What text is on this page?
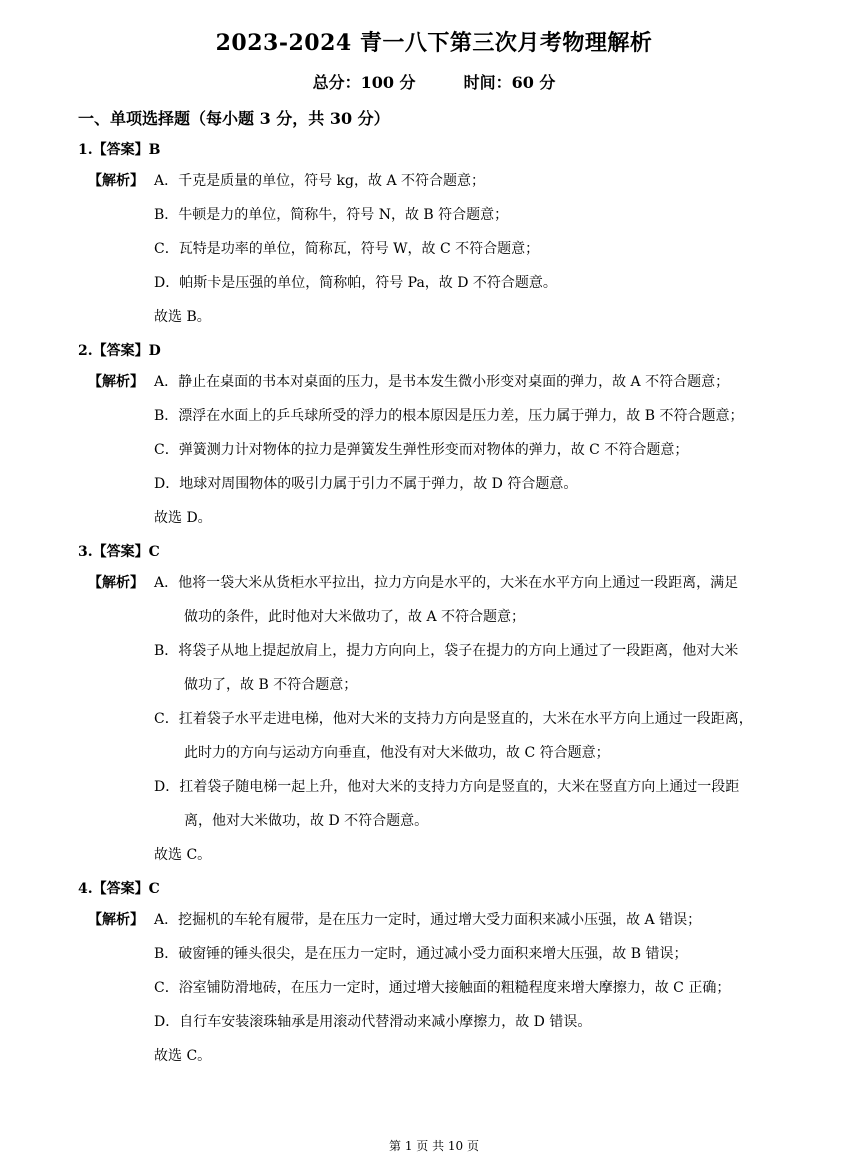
2023-2024 青一八下第三次月考物理解析
总分：100 分	时间：60 分
一、单项选择题（每小题 3 分，共 30 分）
1.【答案】B
【解析】 A．千克是质量的单位，符号 kg，故 A 不符合题意；
B．牛顿是力的单位，简称牛，符号 N，故 B 符合题意；
C．瓦特是功率的单位，简称瓦，符号 W，故 C 不符合题意；
D．帕斯卡是压强的单位，简称帕，符号 Pa，故 D 不符合题意。
故选 B。
2.【答案】D
【解析】 A．静止在桌面的书本对桌面的压力，是书本发生微小形变对桌面的弹力，故 A 不符合题意；
B．漂浮在水面上的乒乓球所受的浮力的根本原因是压力差，压力属于弹力，故 B 不符合题意；
C．弹簧测力计对物体的拉力是弹簧发生弹性形变而对物体的弹力，故 C 不符合题意；
D．地球对周围物体的吸引力属于引力不属于弹力，故 D 符合题意。
故选 D。
3.【答案】C
【解析】 A．他将一袋大米从货柜水平拉出，拉力方向是水平的，大米在水平方向上通过一段距离，满足
做功的条件，此时他对大米做功了，故 A 不符合题意；
B．将袋子从地上提起放肩上，提力方向向上，袋子在提力的方向上通过了一段距离，他对大米
做功了，故 B 不符合题意；
C．扛着袋子水平走进电梯，他对大米的支持力方向是竖直的，大米在水平方向上通过一段距离，
此时力的方向与运动方向垂直，他没有对大米做功，故 C 符合题意；
D．扛着袋子随电梯一起上升，他对大米的支持力方向是竖直的，大米在竖直方向上通过一段距
离，他对大米做功，故 D 不符合题意。
故选 C。
4.【答案】C
【解析】 A．挖掘机的车轮有履带，是在压力一定时，通过增大受力面积来减小压强，故 A 错误；
B．破窗锤的锤头很尖，是在压力一定时，通过减小受力面积来增大压强，故 B 错误；
C．浴室铺防滑地砖，在压力一定时，通过增大接触面的粗糙程度来增大摩擦力，故 C 正确；
D．自行车安装滚珠轴承是用滚动代替滑动来减小摩擦力，故 D 错误。
故选 C。
第 1 页 共 10 页
